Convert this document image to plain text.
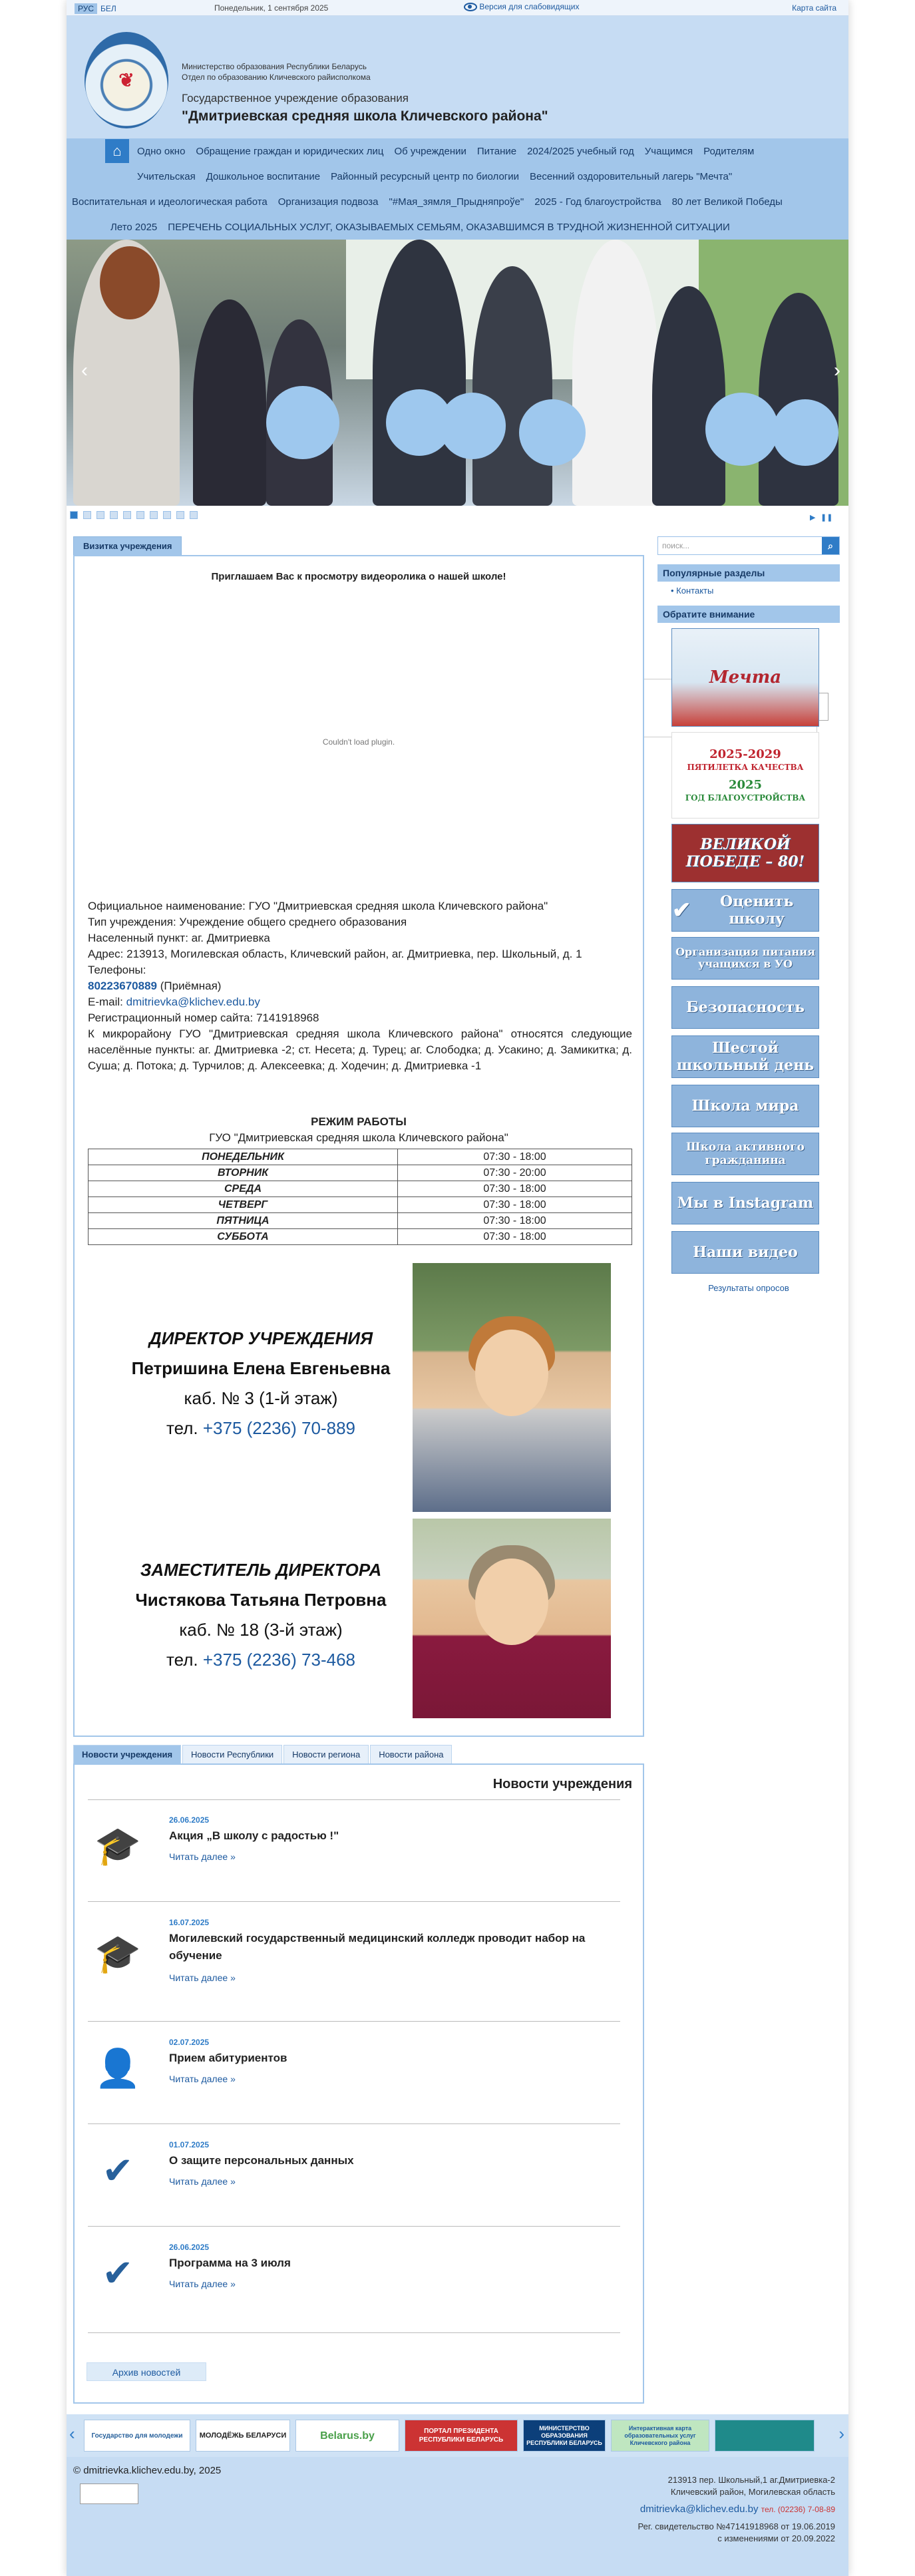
РУС БЕЛ	Понедельник, 1 сентября 2025	Версия для слабовидящих	Карта сайта
❦
Министерство образования Республики Беларусь
Отдел по образованию Кличевского райисполкома
Государственное учреждение образования
"Дмитриевская средняя школа Кличевского района"
⌂	Одно окно	Обращение граждан и юридических лиц	Об учреждении	Питание	2024/2025 учебный год	Учащимся	Родителям
Учительская	Дошкольное воспитание	Районный ресурсный центр по биологии	Весенний оздоровительный лагерь "Мечта"
Воспитательная и идеологическая работа	Организация подвоза	"#Мая_зямля_Прыдняпроўе"	2025 - Год благоустройства	80 лет Великой Победы
Лето 2025	ПЕРЕЧЕНЬ СОЦИАЛЬНЫХ УСЛУГ, ОКАЗЫВАЕМЫХ СЕМЬЯМ, ОКАЗАВШИМСЯ В ТРУДНОЙ ЖИЗНЕННОЙ СИТУАЦИИ
‹	›

▶ ❚❚
Визитка учреждения
Приглашаем Вас к просмотру видеоролика о нашей школе!
Couldn't load plugin.
Официальное наименование: ГУО "Дмитриевская средняя школа Кличевского района"
Тип учреждения: Учреждение общего среднего образования
Населенный пункт: аг. Дмитриевка
Адрес: 213913, Могилевская область, Кличевский район, аг. Дмитриевка, пер. Школьный, д. 1
Телефоны:
80223670889 (Приёмная)
E-mail: dmitrievka@klichev.edu.by
Регистрационный номер сайта: 7141918968
К микрорайону ГУО "Дмитриевская средняя школа Кличевского района" относятся следующие населённые пункты: аг. Дмитриевка -2; ст. Несета; д. Турец; аг. Слободка; д. Усакино; д. Замикитка; д. Суша; д. Потока; д. Турчилов; д. Алексеевка; д. Ходечин; д. Дмитриевка -1
РЕЖИМ РАБОТЫ
ГУО "Дмитриевская средняя школа Кличевского района"
ПОНЕДЕЛЬНИК	07:30 - 18:00
ВТОРНИК	07:30 - 20:00
СРЕДА	07:30 - 18:00
ЧЕТВЕРГ	07:30 - 18:00
ПЯТНИЦА	07:30 - 18:00
СУББОТА	07:30 - 18:00
ДИРЕКТОР УЧРЕЖДЕНИЯ
Петришина Елена Евгеньевна
каб. № 3 (1-й этаж)
тел. +375 (2236) 70-889
ЗАМЕСТИТЕЛЬ ДИРЕКТОРА
Чистякова Татьяна Петровна
каб. № 18 (3-й этаж)
тел. +375 (2236) 73-468
Новости учреждения Новости Республики Новости региона Новости района
Новости учреждения
🎓
26.06.2025
Акция „В школу с радостью !"
Читать далее »
🎓
16.07.2025
Могилевский государственный медицинский колледж проводит набор на обучение
Читать далее »
👤
02.07.2025
Прием абитуриентов
Читать далее »
✔
01.07.2025
О защите персональных данных
Читать далее »
✔
26.06.2025
Программа на 3 июля
Читать далее »
Архив новостей
поиск...	⌕
Популярные разделы
• Контакты
Обратите внимание
Мечта
2025-2029
ПЯТИЛЕТКА КАЧЕСТВА
2025
ГОД БЛАГОУСТРОЙСТВА
ВЕЛИКОЙ ПОБЕДЕ – 80!
✔	Оценить школу
Организация питания учащихся в УО
Безопасность
Шестой школьный день
Школа мира
Школа активного гражданина
Мы в Instagram
Наши видео
Результаты опросов
‹	Государство для молодежи	МОЛОДЁЖЬ БЕЛАРУСИ	Belarus.by	ПОРТАЛ ПРЕЗИДЕНТА РЕСПУБЛИКИ БЕЛАРУСЬ
МИНИСТЕРСТВО ОБРАЗОВАНИЯ РЕСПУБЛИКИ БЕЛАРУСЬ
Интерактивная карта образовательных услуг Кличевского района	›
© dmitrievka.klichev.edu.by, 2025
213913 пер. Школьный,1 аг.Дмитриевка-2
Кличевский район, Могилевская область
dmitrievka@klichev.edu.by тел. (02236) 7-08-89
Рег. свидетельство №47141918968 от 19.06.2019
с изменениями от 20.09.2022
